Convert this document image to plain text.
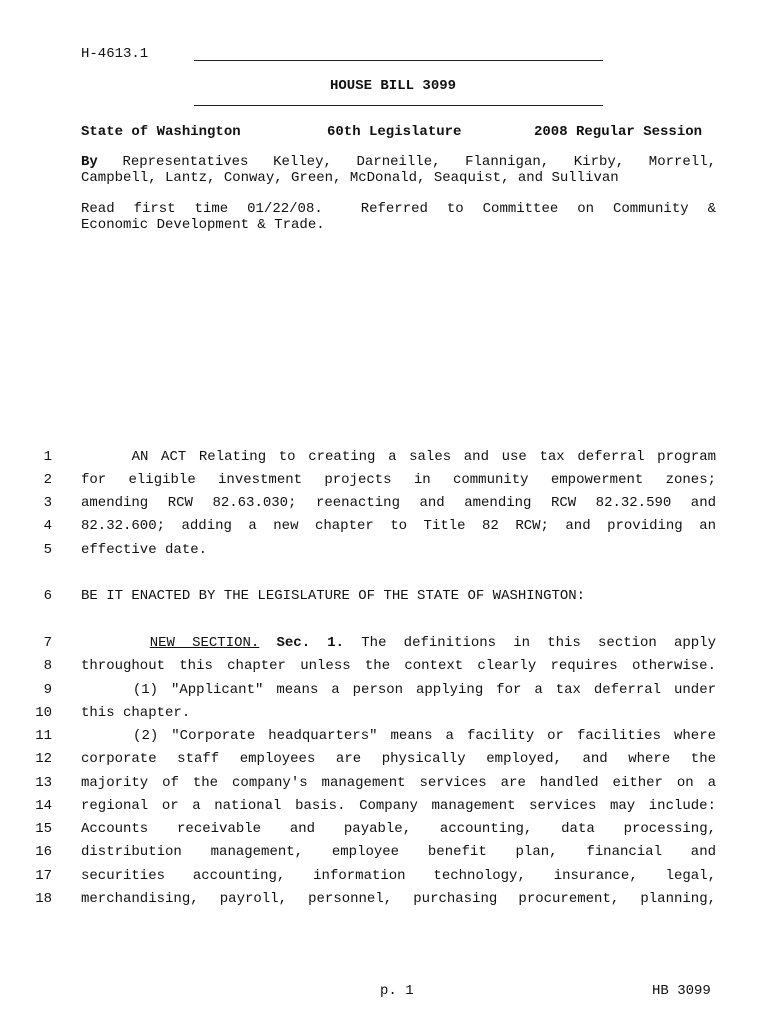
H-4613.1
HOUSE BILL 3099
State of Washington	60th Legislature	2008 Regular Session
By Representatives Kelley, Darneille, Flannigan, Kirby, Morrell,
Campbell, Lantz, Conway, Green, McDonald, Seaquist, and Sullivan
Read first time 01/22/08.  Referred to Committee on Community &
Economic Development & Trade.
1	AN ACT Relating to creating a sales and use tax deferral program
2 for eligible investment projects in community empowerment zones;
3 amending RCW 82.63.030; reenacting and amending RCW 82.32.590 and
4 82.32.600; adding a new chapter to Title 82 RCW; and providing an
5 effective date.
6 BE IT ENACTED BY THE LEGISLATURE OF THE STATE OF WASHINGTON:
7	NEW SECTION. Sec. 1. The definitions in this section apply
8 throughout this chapter unless the context clearly requires otherwise.
9	(1) "Applicant" means a person applying for a tax deferral under
10 this chapter.
11	(2) "Corporate headquarters" means a facility or facilities where
12 corporate staff employees are physically employed, and where the
13 majority of the company's management services are handled either on a
14 regional or a national basis. Company management services may include:
15 Accounts receivable and payable, accounting, data processing,
16 distribution management, employee benefit plan, financial and
17 securities accounting, information technology, insurance, legal,
18 merchandising, payroll, personnel, purchasing procurement, planning,
p. 1	HB 3099
